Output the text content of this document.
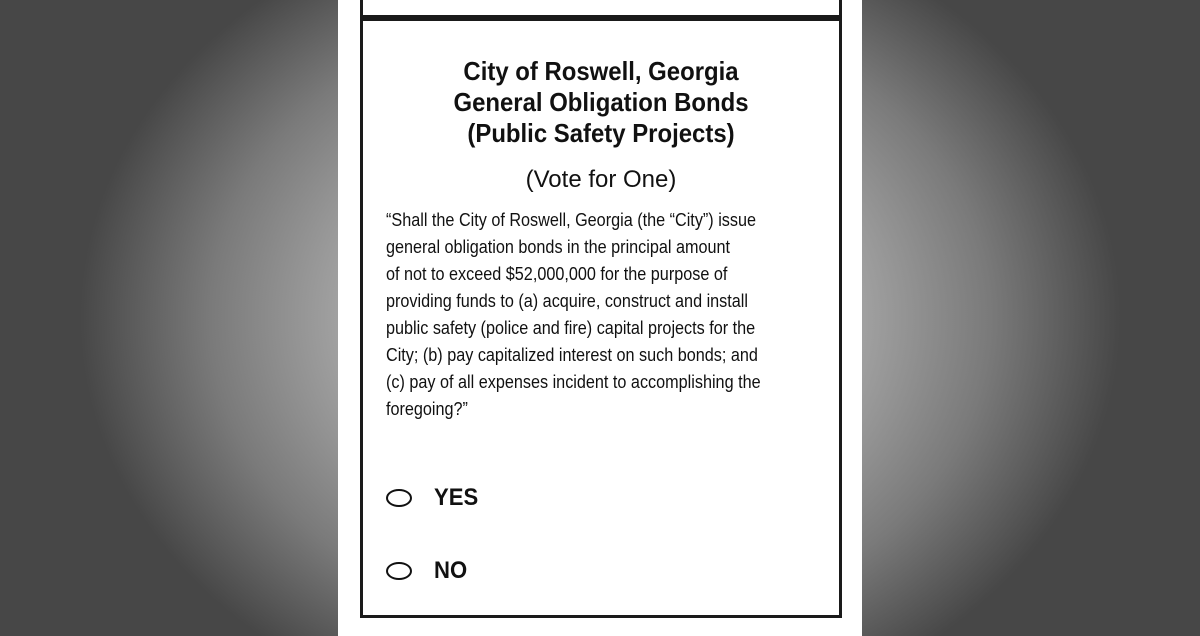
City of Roswell, Georgia
General Obligation Bonds
(Public Safety Projects)
(Vote for One)
“Shall the City of Roswell, Georgia (the “City”) issue
general obligation bonds in the principal amount
of not to exceed $52,000,000 for the purpose of
providing funds to (a) acquire, construct and install
public safety (police and fire) capital projects for the
City; (b) pay capitalized interest on such bonds; and
(c) pay of all expenses incident to accomplishing the
foregoing?”
YES
NO
